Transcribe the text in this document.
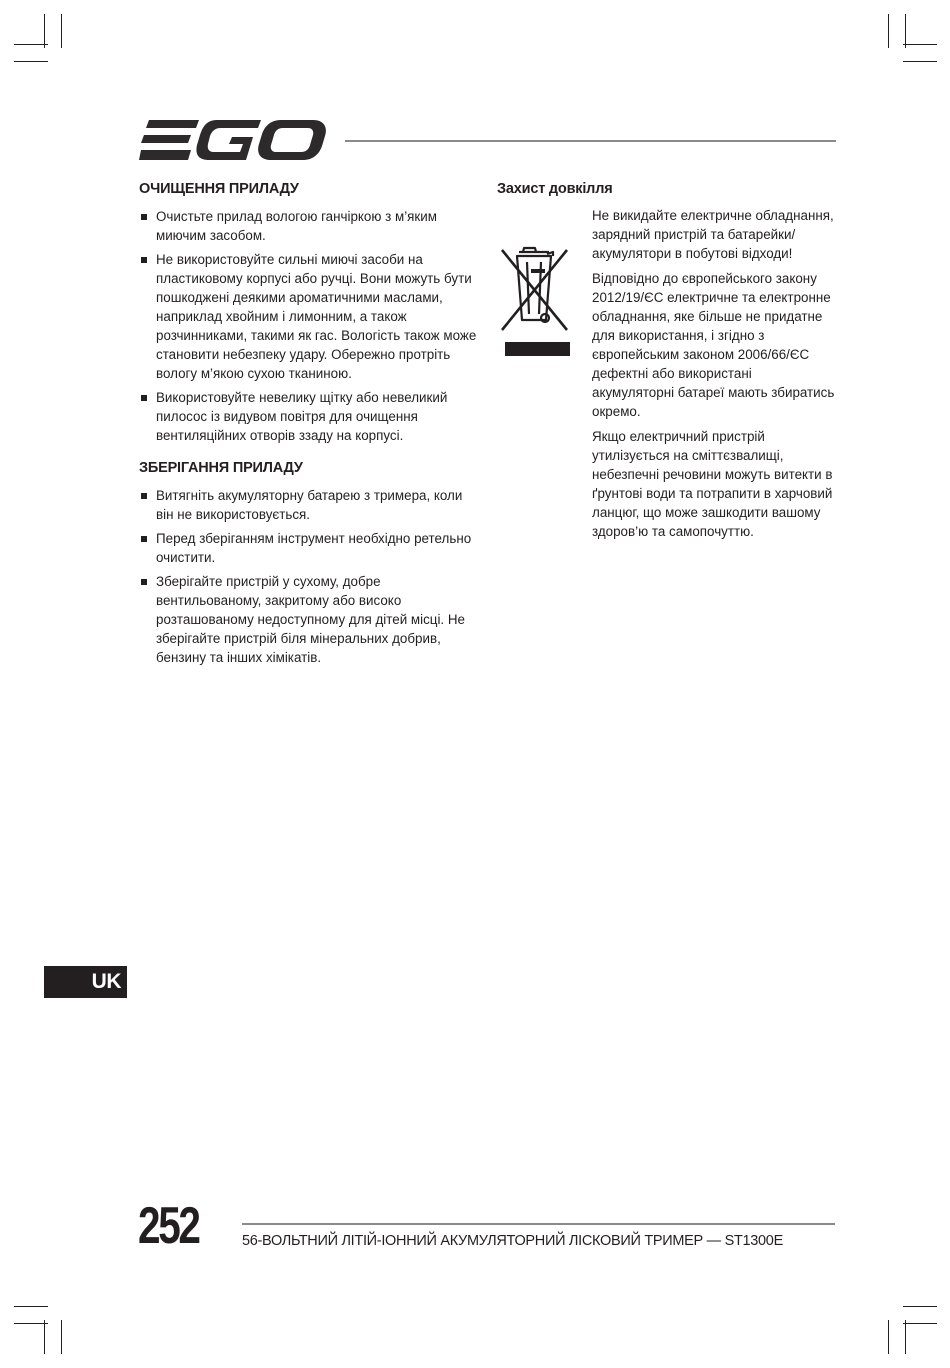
ОЧИЩЕННЯ ПРИЛАДУ
Очистьте прилад вологою ганчіркою з м’яким миючим засобом.
Не використовуйте сильні миючі засоби на пластиковому корпусі або ручці. Вони можуть бути пошкоджені деякими ароматичними маслами, наприклад хвойним і лимонним, а також розчинниками, такими як гас. Вологість також може становити небезпеку удару. Обережно протріть вологу м’якою сухою тканиною.
Використовуйте невелику щітку або невеликий пилосос із видувом повітря для очищення вентиляційних отворів ззаду на корпусі.
ЗБЕРІГАННЯ ПРИЛАДУ
Витягніть акумуляторну батарею з тримера, коли він не використовується.
Перед зберіганням інструмент необхідно ретельно очистити.
Зберігайте пристрій у сухому, добре вентильованому, закритому або високо розташованому недоступному для дітей місці. Не зберігайте пристрій біля мінеральних добрив, бензину та інших хімікатів.
Захист довкілля

Не викидайте електричне обладнання, зарядний пристрій та батарейки/ акумулятори в побутові відходи!

Відповідно до європейського закону 2012/19/ЄС електричне та електронне обладнання, яке більше не придатне для використання, і згідно з європейським законом 2006/66/ЄС дефектні або використані акумуляторні батареї мають збиратись окремо.

Якщо електричний пристрій утилізується на сміттєзвалищі, небезпечні речовини можуть витекти в ґрунтові води та потрапити в харчовий ланцюг, що може зашкодити вашому здоров’ю та самопочуттю.

UK
252	56-ВОЛЬТНИЙ ЛІТІЙ-ІОННИЙ АКУМУЛЯТОРНИЙ ЛІСКОВИЙ ТРИМЕР — ST1300E
